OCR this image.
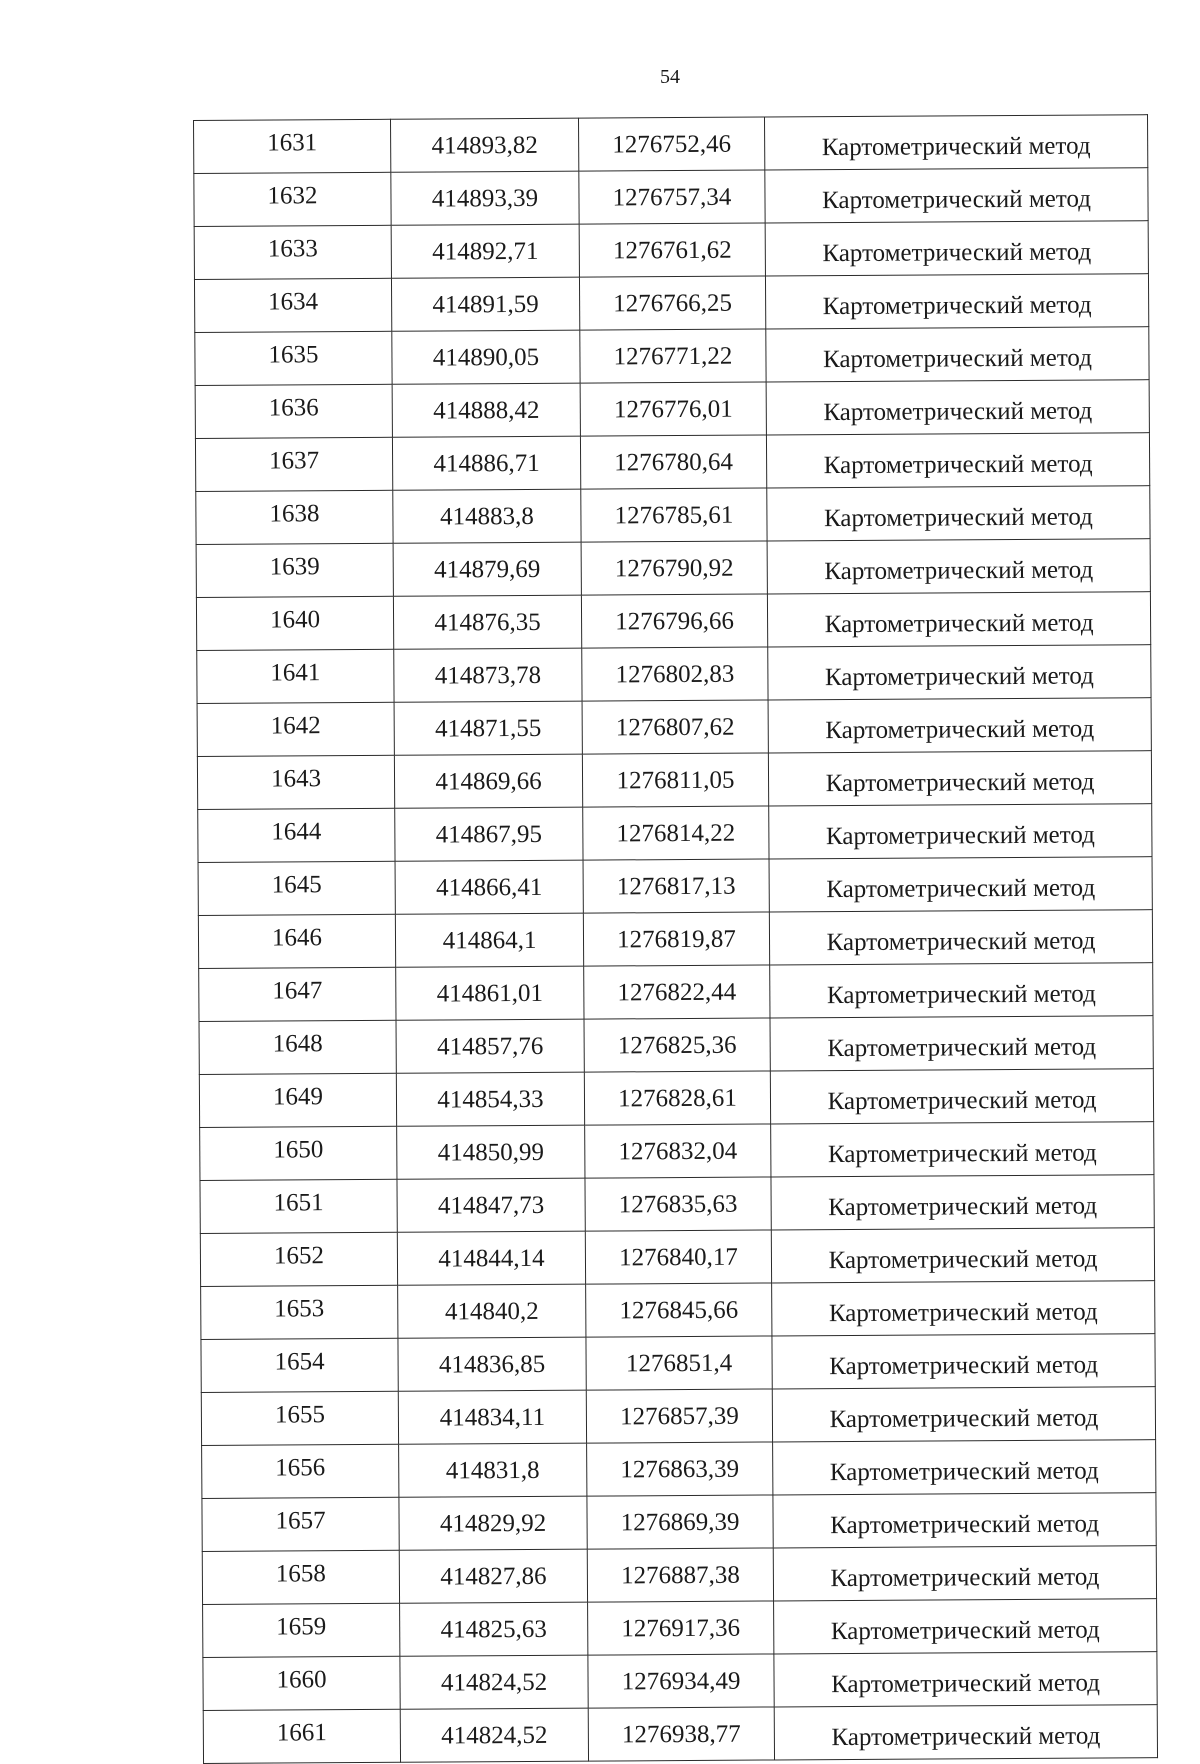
54
1631	414893,82	1276752,46	Картометрический метод
1632	414893,39	1276757,34	Картометрический метод
1633	414892,71	1276761,62	Картометрический метод
1634	414891,59	1276766,25	Картометрический метод
1635	414890,05	1276771,22	Картометрический метод
1636	414888,42	1276776,01	Картометрический метод
1637	414886,71	1276780,64	Картометрический метод
1638	414883,8	1276785,61	Картометрический метод
1639	414879,69	1276790,92	Картометрический метод
1640	414876,35	1276796,66	Картометрический метод
1641	414873,78	1276802,83	Картометрический метод
1642	414871,55	1276807,62	Картометрический метод
1643	414869,66	1276811,05	Картометрический метод
1644	414867,95	1276814,22	Картометрический метод
1645	414866,41	1276817,13	Картометрический метод
1646	414864,1	1276819,87	Картометрический метод
1647	414861,01	1276822,44	Картометрический метод
1648	414857,76	1276825,36	Картометрический метод
1649	414854,33	1276828,61	Картометрический метод
1650	414850,99	1276832,04	Картометрический метод
1651	414847,73	1276835,63	Картометрический метод
1652	414844,14	1276840,17	Картометрический метод
1653	414840,2	1276845,66	Картометрический метод
1654	414836,85	1276851,4	Картометрический метод
1655	414834,11	1276857,39	Картометрический метод
1656	414831,8	1276863,39	Картометрический метод
1657	414829,92	1276869,39	Картометрический метод
1658	414827,86	1276887,38	Картометрический метод
1659	414825,63	1276917,36	Картометрический метод
1660	414824,52	1276934,49	Картометрический метод
1661	414824,52	1276938,77	Картометрический метод
